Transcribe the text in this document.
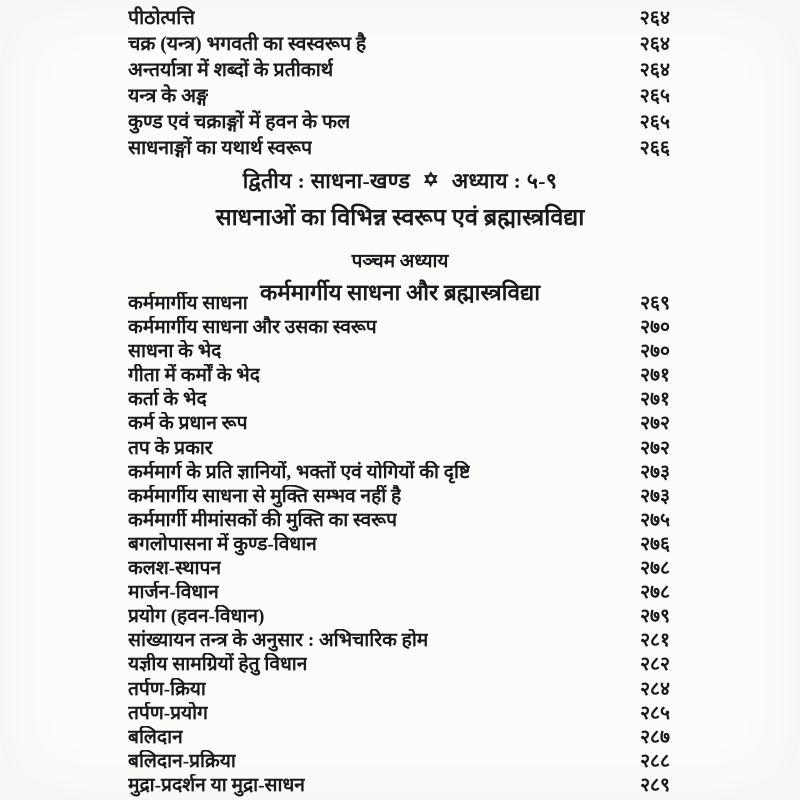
पीठोत्पत्ति	२६४
चक्र (यन्त्र) भगवती का स्वस्वरूप है	२६४
अन्तर्यात्रा में शब्दों के प्रतीकार्थ	२६४
यन्त्र के अङ्ग	२६५
कुण्ड एवं चक्राङ्गों में हवन के फल	२६५
साधनाङ्गों का यथार्थ स्वरूप	२६६
द्वितीय : साधना-खण्ड ✡ अध्याय : ५-९
साधनाओं का विभिन्न स्वरूप एवं ब्रह्मास्त्रविद्या
पञ्चम अध्याय
कर्ममार्गीय साधना और ब्रह्मास्त्रविद्या
कर्ममार्गीय साधना	२६९
कर्ममार्गीय साधना और उसका स्वरूप	२७०
साधना के भेद	२७०
गीता में कर्मों के भेद	२७१
कर्ता के भेद	२७१
कर्म के प्रधान रूप	२७२
तप के प्रकार	२७२
कर्ममार्ग के प्रति ज्ञानियों, भक्तों एवं योगियों की दृष्टि	२७३
कर्ममार्गीय साधना से मुक्ति सम्भव नहीं है	२७३
कर्ममार्गी मीमांसकों की मुक्ति का स्वरूप	२७५
बगलोपासना में कुण्ड-विधान	२७६
कलश-स्थापन	२७८
मार्जन-विधान	२७८
प्रयोग (हवन-विधान)	२७९
सांख्यायन तन्त्र के अनुसार : अभिचारिक होम	२८१
यज्ञीय सामग्रियों हेतु विधान	२८२
तर्पण-क्रिया	२८४
तर्पण-प्रयोग	२८५
बलिदान	२८७
बलिदान-प्रक्रिया	२८८
मुद्रा-प्रदर्शन या मुद्रा-साधन	२८९
